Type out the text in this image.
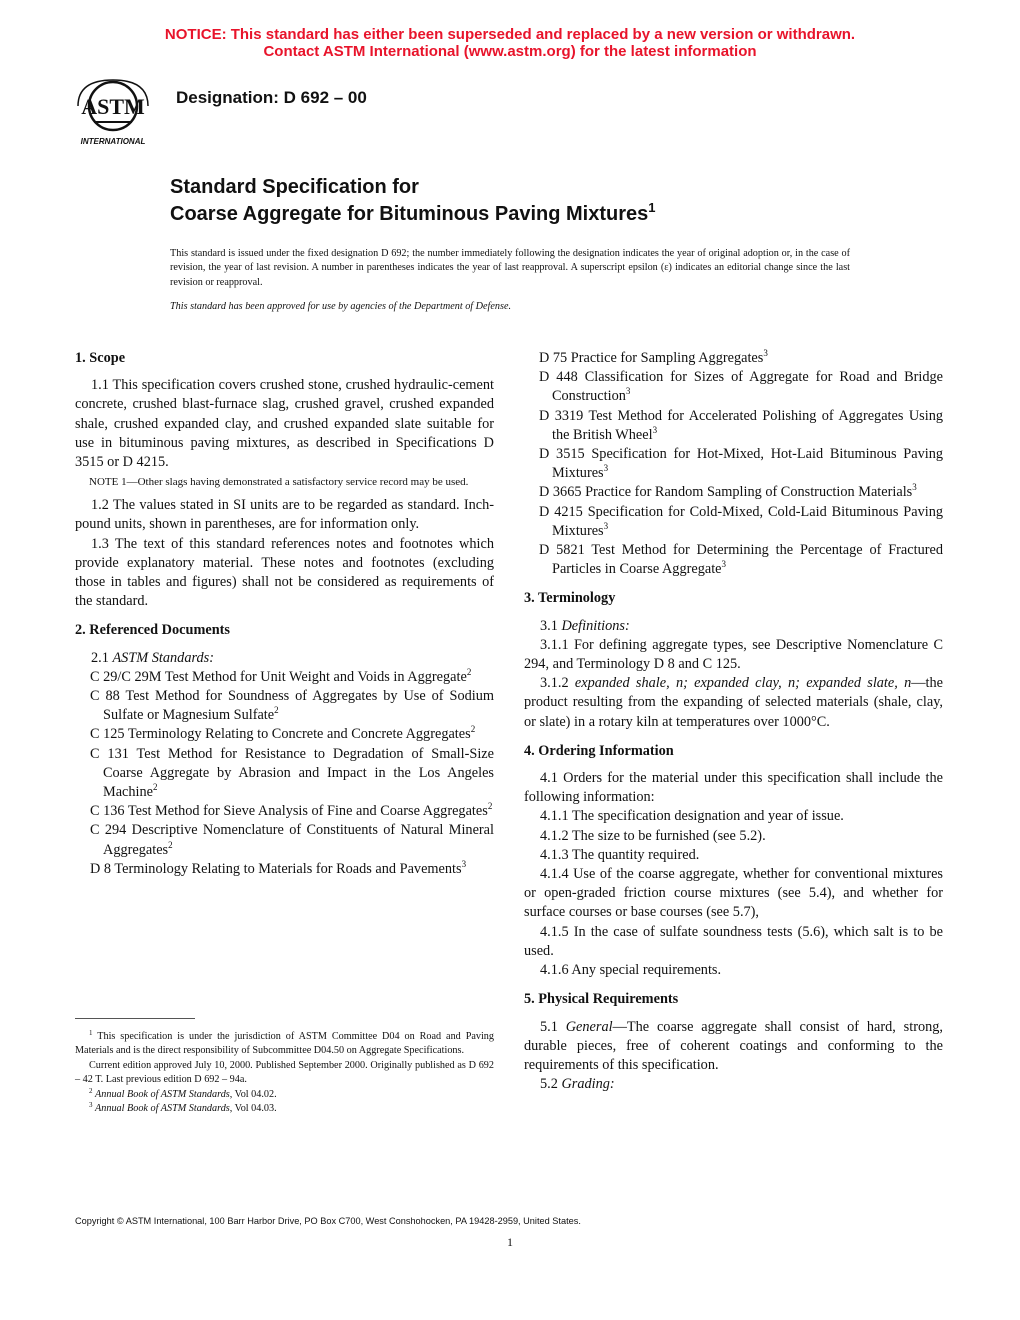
NOTICE: This standard has either been superseded and replaced by a new version or withdrawn.
Contact ASTM International (www.astm.org) for the latest information
ASTM
INTERNATIONAL
Designation: D 692 – 00
Standard Specification for
Coarse Aggregate for Bituminous Paving Mixtures$^1$
This standard is issued under the fixed designation D 692; the number immediately following the designation indicates the year of original adoption or, in the case of revision, the year of last revision. A number in parentheses indicates the year of last reapproval. A superscript epsilon (ε) indicates an editorial change since the last revision or reapproval.
This standard has been approved for use by agencies of the Department of Defense.
1. Scope

1.1 This specification covers crushed stone, crushed hydraulic-cement concrete, crushed blast-furnace slag, crushed gravel, crushed expanded shale, crushed expanded clay, and crushed expanded slate suitable for use in bituminous paving mixtures, as described in Specifications D 3515 or D 4215.

NOTE 1—Other slags having demonstrated a satisfactory service record may be used.

1.2 The values stated in SI units are to be regarded as standard. Inch-pound units, shown in parentheses, are for information only.

1.3 The text of this standard references notes and footnotes which provide explanatory material. These notes and footnotes (excluding those in tables and figures) shall not be considered as requirements of the standard.

2. Referenced Documents

2.1 ASTM Standards:

C 29/C 29M Test Method for Unit Weight and Voids in Aggregate$^2$

C 88 Test Method for Soundness of Aggregates by Use of Sodium Sulfate or Magnesium Sulfate$^2$

C 125 Terminology Relating to Concrete and Concrete Aggregates$^2$

C 131 Test Method for Resistance to Degradation of Small-Size Coarse Aggregate by Abrasion and Impact in the Los Angeles Machine$^2$

C 136 Test Method for Sieve Analysis of Fine and Coarse Aggregates$^2$

C 294 Descriptive Nomenclature of Constituents of Natural Mineral Aggregates$^2$

D 8 Terminology Relating to Materials for Roads and Pavements$^3$

D 75 Practice for Sampling Aggregates$^3$

D 448 Classification for Sizes of Aggregate for Road and Bridge Construction$^3$

D 3319 Test Method for Accelerated Polishing of Aggregates Using the British Wheel$^3$

D 3515 Specification for Hot-Mixed, Hot-Laid Bituminous Paving Mixtures$^3$

D 3665 Practice for Random Sampling of Construction Materials$^3$

D 4215 Specification for Cold-Mixed, Cold-Laid Bituminous Paving Mixtures$^3$

D 5821 Test Method for Determining the Percentage of Fractured Particles in Coarse Aggregate$^3$

3. Terminology

3.1 Definitions:

3.1.1 For defining aggregate types, see Descriptive Nomenclature C 294, and Terminology D 8 and C 125.

3.1.2 expanded shale, n; expanded clay, n; expanded slate, n—the product resulting from the expanding of selected materials (shale, clay, or slate) in a rotary kiln at temperatures over 1000°C.

4. Ordering Information

4.1 Orders for the material under this specification shall include the following information:

4.1.1 The specification designation and year of issue.

4.1.2 The size to be furnished (see 5.2).

4.1.3 The quantity required.

4.1.4 Use of the coarse aggregate, whether for conventional mixtures or open-graded friction course mixtures (see 5.4), and whether for surface courses or base courses (see 5.7),

4.1.5 In the case of sulfate soundness tests (5.6), which salt is to be used.

4.1.6 Any special requirements.

5. Physical Requirements

5.1 General—The coarse aggregate shall consist of hard, strong, durable pieces, free of coherent coatings and conforming to the requirements of this specification.

5.2 Grading:

$^1$ This specification is under the jurisdiction of ASTM Committee D04 on Road and Paving Materials and is the direct responsibility of Subcommittee D04.50 on Aggregate Specifications.

Current edition approved July 10, 2000. Published September 2000. Originally published as D 692 – 42 T. Last previous edition D 692 – 94a.

$^2$ Annual Book of ASTM Standards, Vol 04.02.

$^3$ Annual Book of ASTM Standards, Vol 04.03.

Copyright © ASTM International, 100 Barr Harbor Drive, PO Box C700, West Conshohocken, PA 19428-2959, United States.
1
